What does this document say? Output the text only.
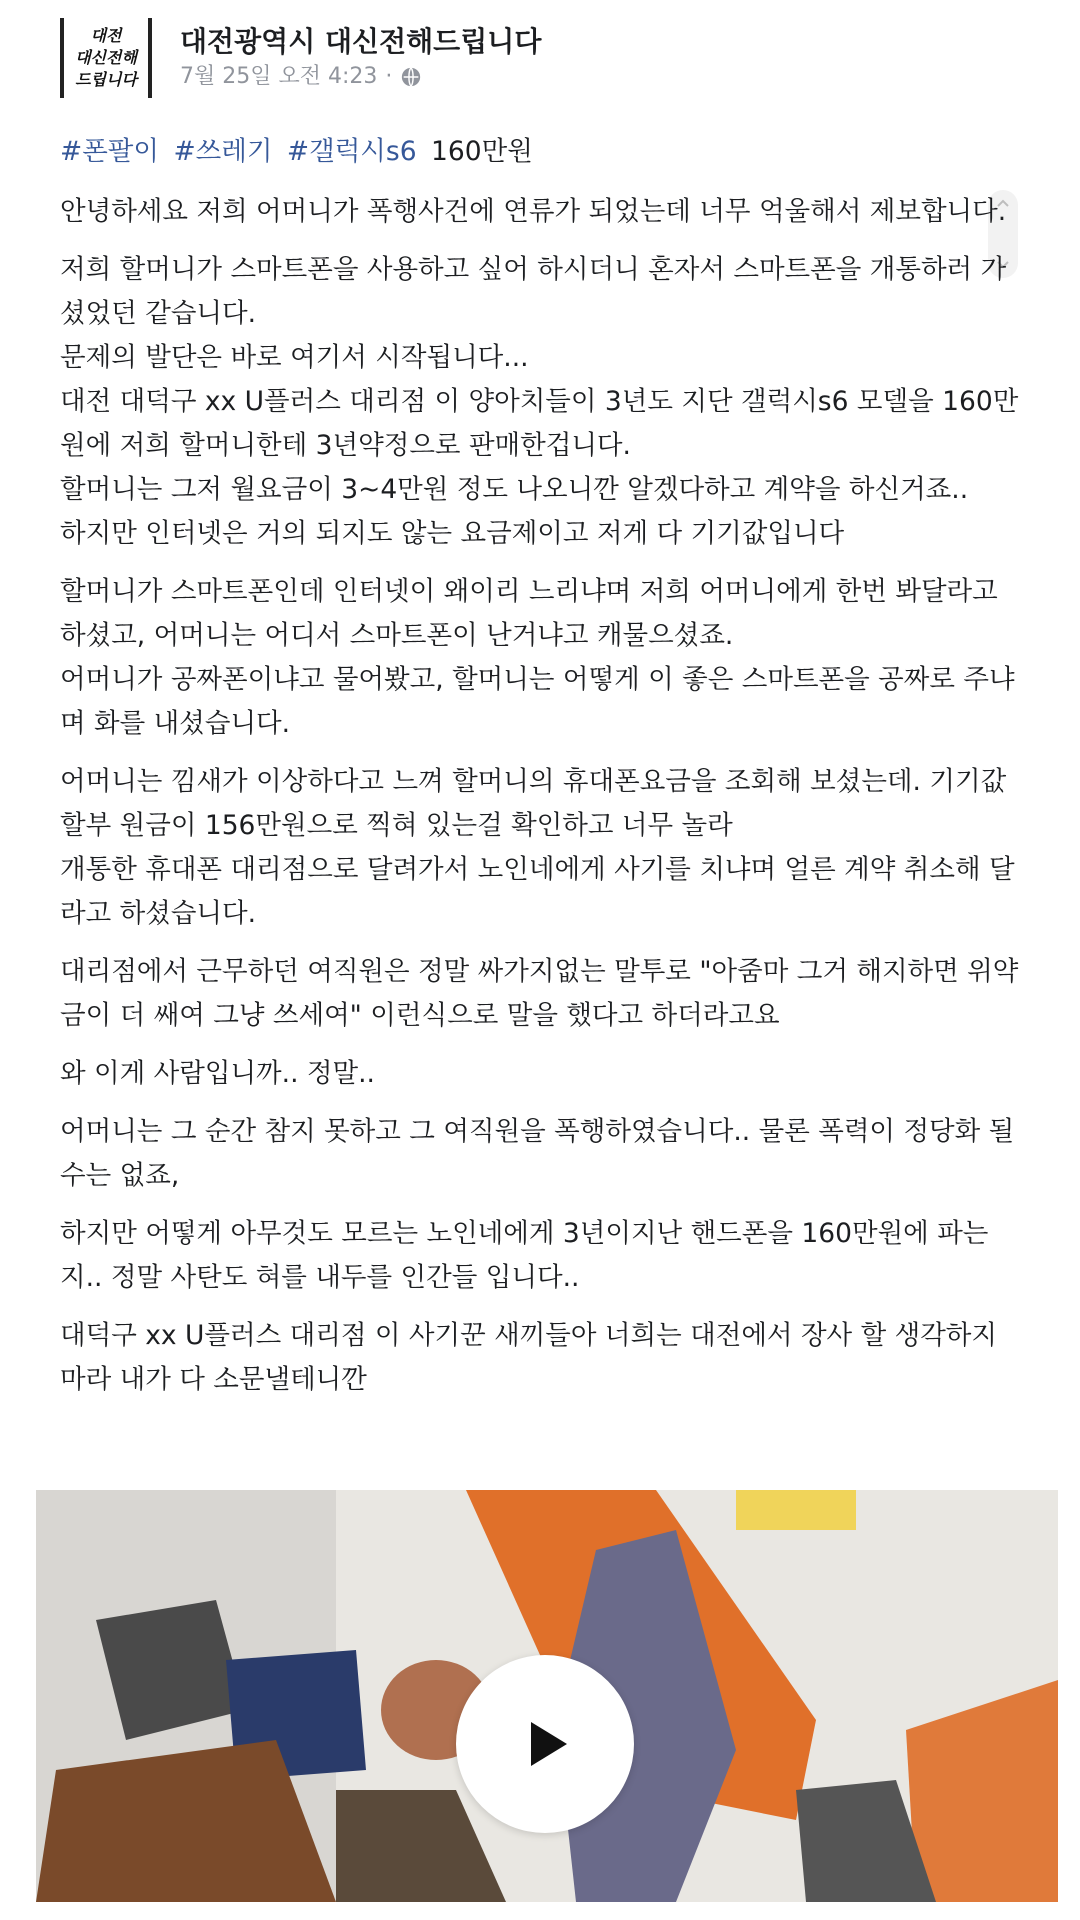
대전
대신전해
드립니다
대전광역시 대신전해드립니다
7월 25일 오전 4:23 ·
#폰팔이 #쓰레기 #갤럭시s6 160만원

안녕하세요 저희 어머니가 폭행사건에 연류가 되었는데 너무 억울해서 제보합니다.

저희 할머니가 스마트폰을 사용하고 싶어 하시더니 혼자서 스마트폰을 개통하러 가셨었던 같습니다.
문제의 발단은 바로 여기서 시작됩니다...
대전 대덕구 xx U플러스 대리점 이 양아치들이 3년도 지단 갤럭시s6 모델을 160만원에 저희 할머니한테 3년약정으로 판매한겁니다.
할머니는 그저 월요금이 3~4만원 정도 나오니깐 알겠다하고 계약을 하신거죠..
하지만 인터넷은 거의 되지도 않는 요금제이고 저게 다 기기값입니다

할머니가 스마트폰인데 인터넷이 왜이리 느리냐며 저희 어머니에게 한번 봐달라고 하셨고, 어머니는 어디서 스마트폰이 난거냐고 캐물으셨죠.
어머니가 공짜폰이냐고 물어봤고, 할머니는 어떻게 이 좋은 스마트폰을 공짜로 주냐며 화를 내셨습니다.

어머니는 낌새가 이상하다고 느껴 할머니의 휴대폰요금을 조회해 보셨는데. 기기값 할부 원금이 156만원으로 찍혀 있는걸 확인하고 너무 놀라
개통한 휴대폰 대리점으로 달려가서 노인네에게 사기를 치냐며 얼른 계약 취소해 달라고 하셨습니다.

대리점에서 근무하던 여직원은 정말 싸가지없는 말투로 "아줌마 그거 해지하면 위약금이 더 쌔여 그냥 쓰세여" 이런식으로 말을 했다고 하더라고요

와 이게 사람입니까.. 정말..

어머니는 그 순간 참지 못하고 그 여직원을 폭행하였습니다.. 물론 폭력이 정당화 될수는 없죠,

하지만 어떻게 아무것도 모르는 노인네에게 3년이지난 핸드폰을 160만원에 파는지.. 정말 사탄도 혀를 내두를 인간들 입니다..

대덕구 xx U플러스 대리점 이 사기꾼 새끼들아 너희는 대전에서 장사 할 생각하지마라 내가 다 소문낼테니깐
